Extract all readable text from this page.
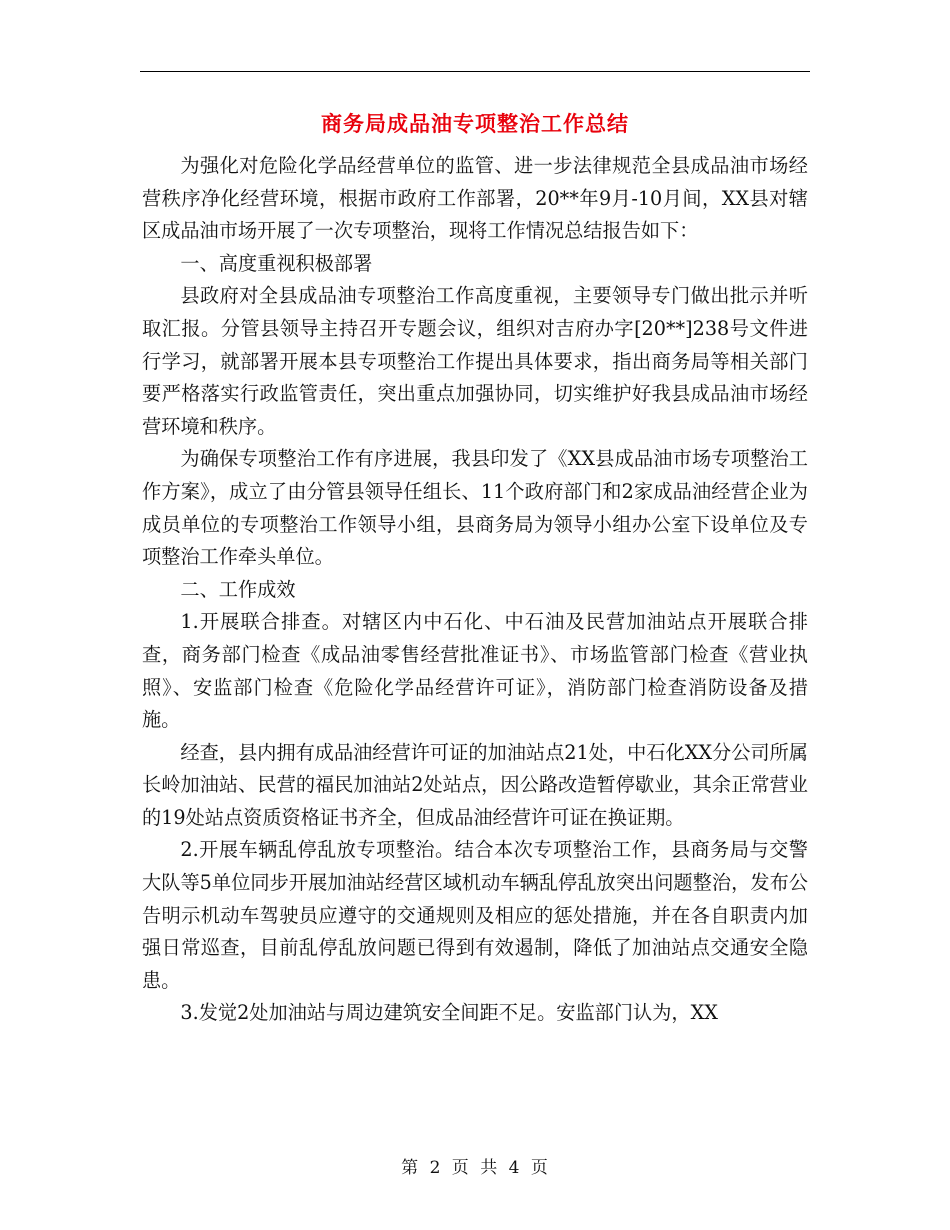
商务局成品油专项整治工作总结

为强化对危险化学品经营单位的监管、进一步法律规范全县成品油市场经营秩序净化经营环境，根据市政府工作部署，20**年9月-10月间，XX县对辖区成品油市场开展了一次专项整治，现将工作情况总结报告如下：

一、高度重视积极部署

县政府对全县成品油专项整治工作高度重视，主要领导专门做出批示并听取汇报。分管县领导主持召开专题会议，组织对吉府办字[20**]238号文件进行学习，就部署开展本县专项整治工作提出具体要求，指出商务局等相关部门要严格落实行政监管责任，突出重点加强协同，切实维护好我县成品油市场经营环境和秩序。

为确保专项整治工作有序进展，我县印发了《XX县成品油市场专项整治工作方案》，成立了由分管县领导任组长、11个政府部门和2家成品油经营企业为成员单位的专项整治工作领导小组，县商务局为领导小组办公室下设单位及专项整治工作牵头单位。

二、工作成效

1.开展联合排查。对辖区内中石化、中石油及民营加油站点开展联合排查，商务部门检查《成品油零售经营批准证书》、市场监管部门检查《营业执照》、安监部门检查《危险化学品经营许可证》，消防部门检查消防设备及措施。

经查，县内拥有成品油经营许可证的加油站点21处，中石化XX分公司所属长岭加油站、民营的福民加油站2处站点，因公路改造暂停歇业，其余正常营业的19处站点资质资格证书齐全，但成品油经营许可证在换证期。

2.开展车辆乱停乱放专项整治。结合本次专项整治工作，县商务局与交警大队等5单位同步开展加油站经营区域机动车辆乱停乱放突出问题整治，发布公告明示机动车驾驶员应遵守的交通规则及相应的惩处措施，并在各自职责内加强日常巡查，目前乱停乱放问题已得到有效遏制，降低了加油站点交通安全隐患。

3.发觉2处加油站与周边建筑安全间距不足。安监部门认为，XX

第 2 页 共 4 页
